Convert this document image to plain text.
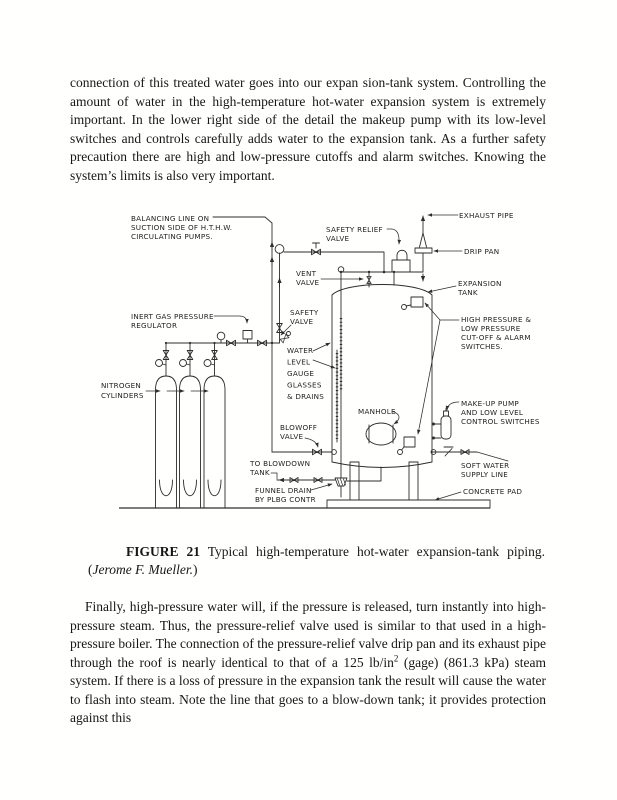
connection of this treated water goes into our expan sion-tank system. Controlling the amount of water in the high-temperature hot-water expansion system is extremely important. In the lower right side of the detail the makeup pump with its low-level switches and controls carefully adds water to the expansion tank. As a further safety precaution there are high and low-pressure cutoffs and alarm switches. Knowing the system’s limits is also very important.

BALANCING LINE ON
SUCTION SIDE OF H.T.H.W.
CIRCULATING PUMPS.
SAFETY RELIEF
VALVE
EXHAUST PIPE
DRIP PAN
VENT
VALVE	EXPANSION
TANK
INERT GAS PRESSURE
REGULATOR
SAFETY
VALVE	HIGH PRESSURE &
LOW PRESSURE
CUT-OFF & ALARM
SWITCHES.
WATER
LEVEL
GAUGE
GLASSES
& DRAINS
NITROGEN
CYLINDERS
MANHOLE
MAKE-UP PUMP
AND LOW LEVEL
CONTROL SWITCHES
BLOWOFF
VALVE
TO BLOWDOWN
TANK
SOFT WATER
SUPPLY LINE
FUNNEL DRAIN
BY PLBG CONTR
CONCRETE PAD

FIGURE 21 Typical high-temperature hot-water expansion-tank piping. (Jerome F. Mueller.)

Finally, high-pressure water will, if the pressure is released, turn instantly into high-pressure steam. Thus, the pressure-relief valve used is similar to that used in a high-pressure boiler. The connection of the pressure-relief valve drip pan and its exhaust pipe through the roof is nearly identical to that of a 125 $lb/in^2$ (gage) (861.3 kPa) steam system. If there is a loss of pressure in the expansion tank the result will cause the water to flash into steam. Note the line that goes to a blow-down tank; it provides protection against this
